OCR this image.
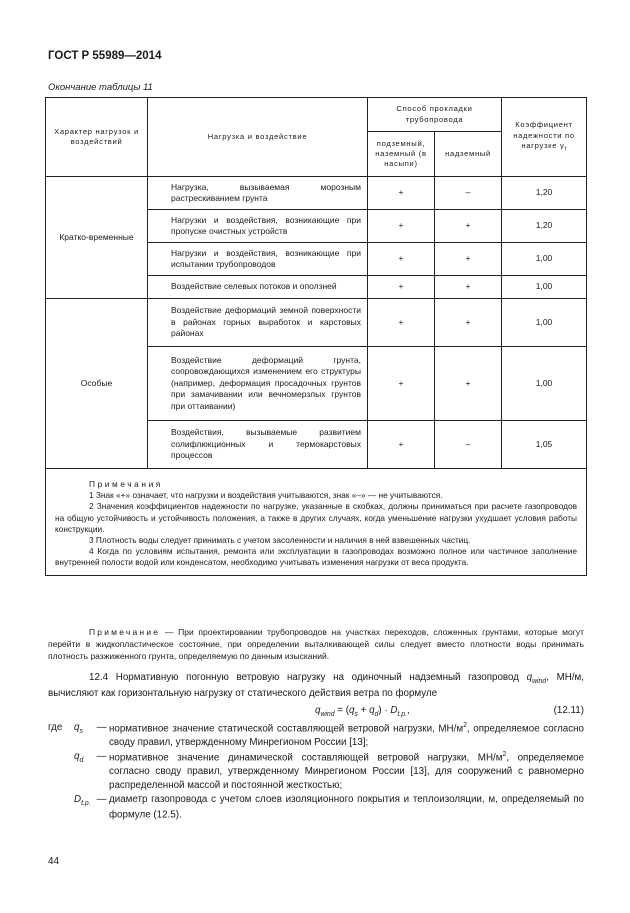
ГОСТ Р 55989—2014
Окончание таблицы 11
Характер нагрузок и воздействий	Нагрузка и воздействие	Способ прокладки трубопровода		Коэффициент надежности по нагрузке $\gamma_f$
		подземный, наземный (в насыпи)	надземный	
Кратко-временные	Нагрузка, вызываемая морозным растрескиванием грунта	+	–	1,20
	Нагрузки и воздействия, возникающие при пропуске очистных устройств	+	+	1,20
	Нагрузки и воздействия, возникающие при испытании трубопроводов	+	+	1,00
	Воздействие селевых потоков и оползней	+	+	1,00
Особые	Воздействие деформаций земной поверхности в районах горных выработок и карстовых районах	+	+	1,00
	Воздействие деформаций грунта, сопровождающихся изменением его структуры (например, деформация просадочных грунтов при замачивании или вечномерзлых грунтов при оттаивании)	+	+	1,00
	Воздействия, вызываемые развитием солифлюкционных и термокарстовых процессов	+	–	1,05

Примечания

1 Знак «+» означает, что нагрузки и воздействия учитываются, знак «–» — не учитываются.

2 Значения коэффициентов надежности по нагрузке, указанные в скобках, должны приниматься при расчете газопроводов на общую устойчивость и устойчивость положения, а также в других случаях, когда уменьшение нагрузки ухудшает условия работы конструкции.

3 Плотность воды следует принимать с учетом засоленности и наличия в ней взвешенных частиц.

4 Когда по условиям испытания, ремонта или эксплуатации в газопроводах возможно полное или частичное заполнение внутренней полости водой или конденсатом, необходимо учитывать изменения нагрузки от веса продукта.				

Примечание — При проектировании трубопроводов на участках переходов, сложенных грунтами, которые могут перейти в жидкопластическое состояние, при определении выталкивающей силы следует вместо плотности воды принимать плотность разжиженного грунта, определяемую по данным изысканий.

12.4 Нормативную погонную ветровую нагрузку на одиночный надземный газопровод $q_{wind}$, МН/м, вычисляют как горизонтальную нагрузку от статического действия ветра по формуле

$q_{wind} = (q_s + q_d) \cdot D_{t.p.}$,	(12.11)
где	$q_s$	— нормативное значение статической составляющей ветровой нагрузки, $МН/м^2$, определяемое согласно своду правил, утвержденному Минрегионом России [13];
$q_d$	— нормативное значение динамической составляющей ветровой нагрузки, $МН/м^2$, определяемое согласно своду правил, утвержденному Минрегионом России [13], для сооружений с равномерно распределенной массой и постоянной жесткостью;
$D_{t.p.}$ — диаметр газопровода с учетом слоев изоляционного покрытия и теплоизоляции, м, определяемый по формуле (12.5).
44
